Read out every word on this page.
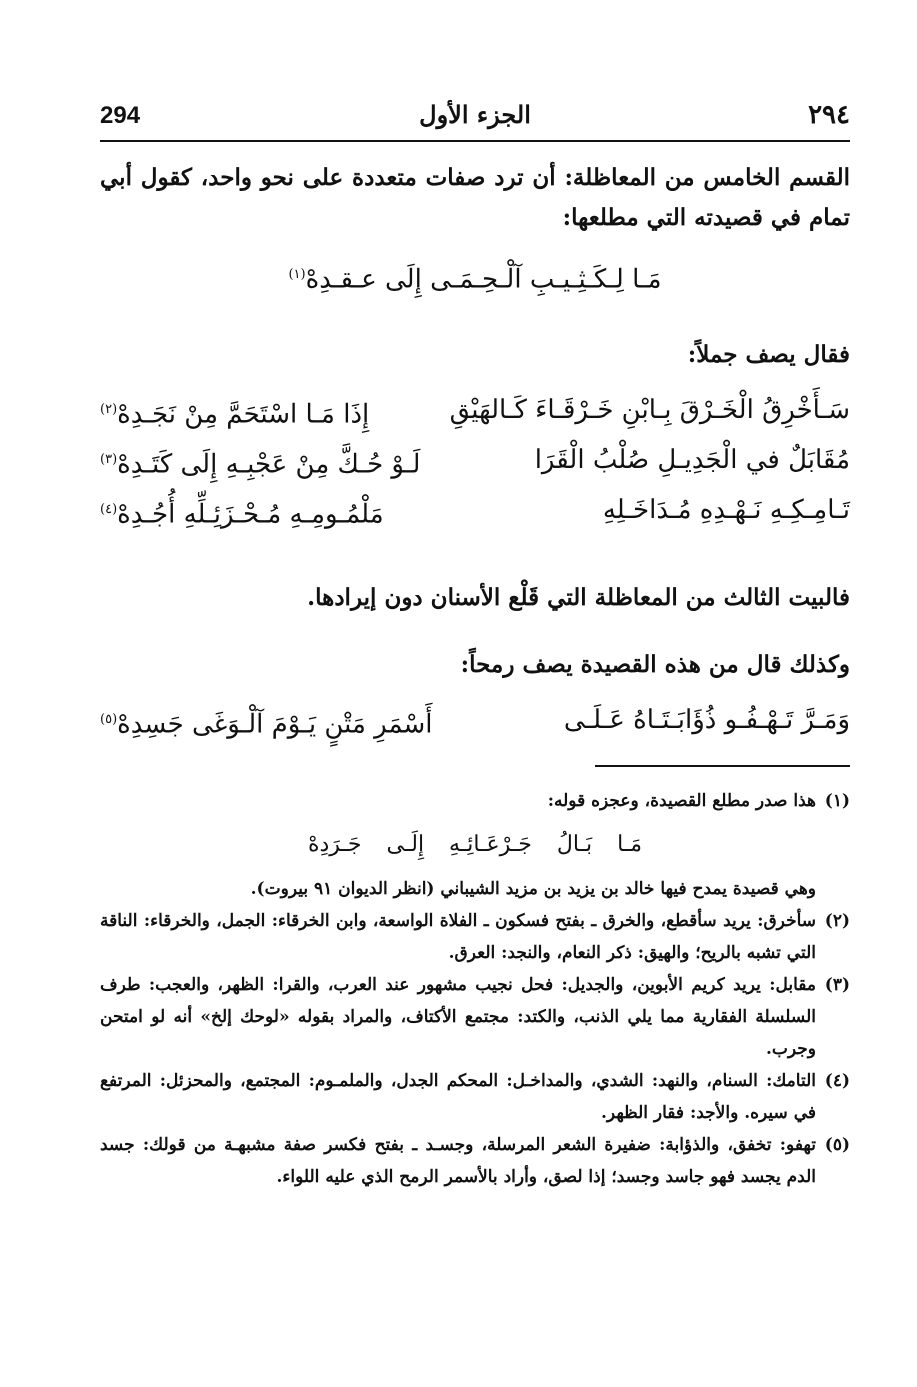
294	الجزء الأول	٢٩٤

القسم الخامس من المعاظلة: أن ترد صفات متعددة على نحو واحد، كقول أبي تمام في قصيدته التي مطلعها:

مَـا لِـكَـثِـيـبِ آلْـحِـمَـى إِلَى عـقـدِهْ$^{(١)}$

فقال يصف جملاً:

سَـأَخْرِقُ الْخَـرْقَ بِـابْنِ خَـرْقَـاءَ كَـالهَيْقِ
إِذَا مَـا اسْتَحَمَّ مِنْ نَجَـدِهْ$^{(٢)}$
مُقَابَلٌ في الْجَدِيـلِ صُلْبُ الْقَرَا
لَـوْ حُـكَّ مِنْ عَجْبِـهِ إِلَى كَتَـدِهْ$^{(٣)}$
تَـامِـكِـهِ نَـهْـدِهِ مُـدَاخَـلِهِ
مَلْمُـومِـهِ مُـحْـزَئِـلِّهِ أُجُـدِهْ$^{(٤)}$

فالبيت الثالث من المعاظلة التي قَلْع الأسنان دون إيرادها.

وكذلك قال من هذه القصيدة يصف رمحاً:

وَمَـرَّ تَـهْـفُـو ذُؤَابَـتَـاهُ عَـلَـى
أَسْمَرِ مَتْنٍ يَـوْمَ آلْـوَغَى جَسِدِهْ$^{(٥)}$

(١)
هذا صدر مطلع القصيدة، وعجزه قوله:

مَـا بَـالُ جَـرْعَـائِـهِ إِلَـى جَـرَدِهْ

وهي قصيدة يمدح فيها خالد بن يزيد بن مزيد الشيباني (انظر الديوان ٩١ بيروت).

(٢)
سأخرق: يريد سأقطع، والخرق ـ بفتح فسكون ـ الفلاة الواسعة، وابن الخرقاء: الجمل، والخرقاء: الناقة التي تشبه بالريح؛ والهيق: ذكر النعام، والنجد: العرق.

(٣)
مقابل: يريد كريم الأبوين، والجديل: فحل نجيب مشهور عند العرب، والقرا: الظهر، والعجب: طرف السلسلة الفقارية مما يلي الذنب، والكتد: مجتمع الأكتاف، والمراد بقوله «لوحك إلخ» أنه لو امتحن وجرب.

(٤)
التامك: السنام، والنهد: الشدي، والمداخـل: المحكم الجدل، والملمـوم: المجتمع، والمحزئل: المرتفع في سيره. والأجد: فقار الظهر.

(٥)
تهفو: تخفق، والذؤابة: ضفيرة الشعر المرسلة، وجسـد ـ بفتح فكسر صفة مشبهـة من قولك: جسد الدم يجسد فهو جاسد وجسد؛ إذا لصق، وأراد بالأسمر الرمح الذي عليه اللواء.
